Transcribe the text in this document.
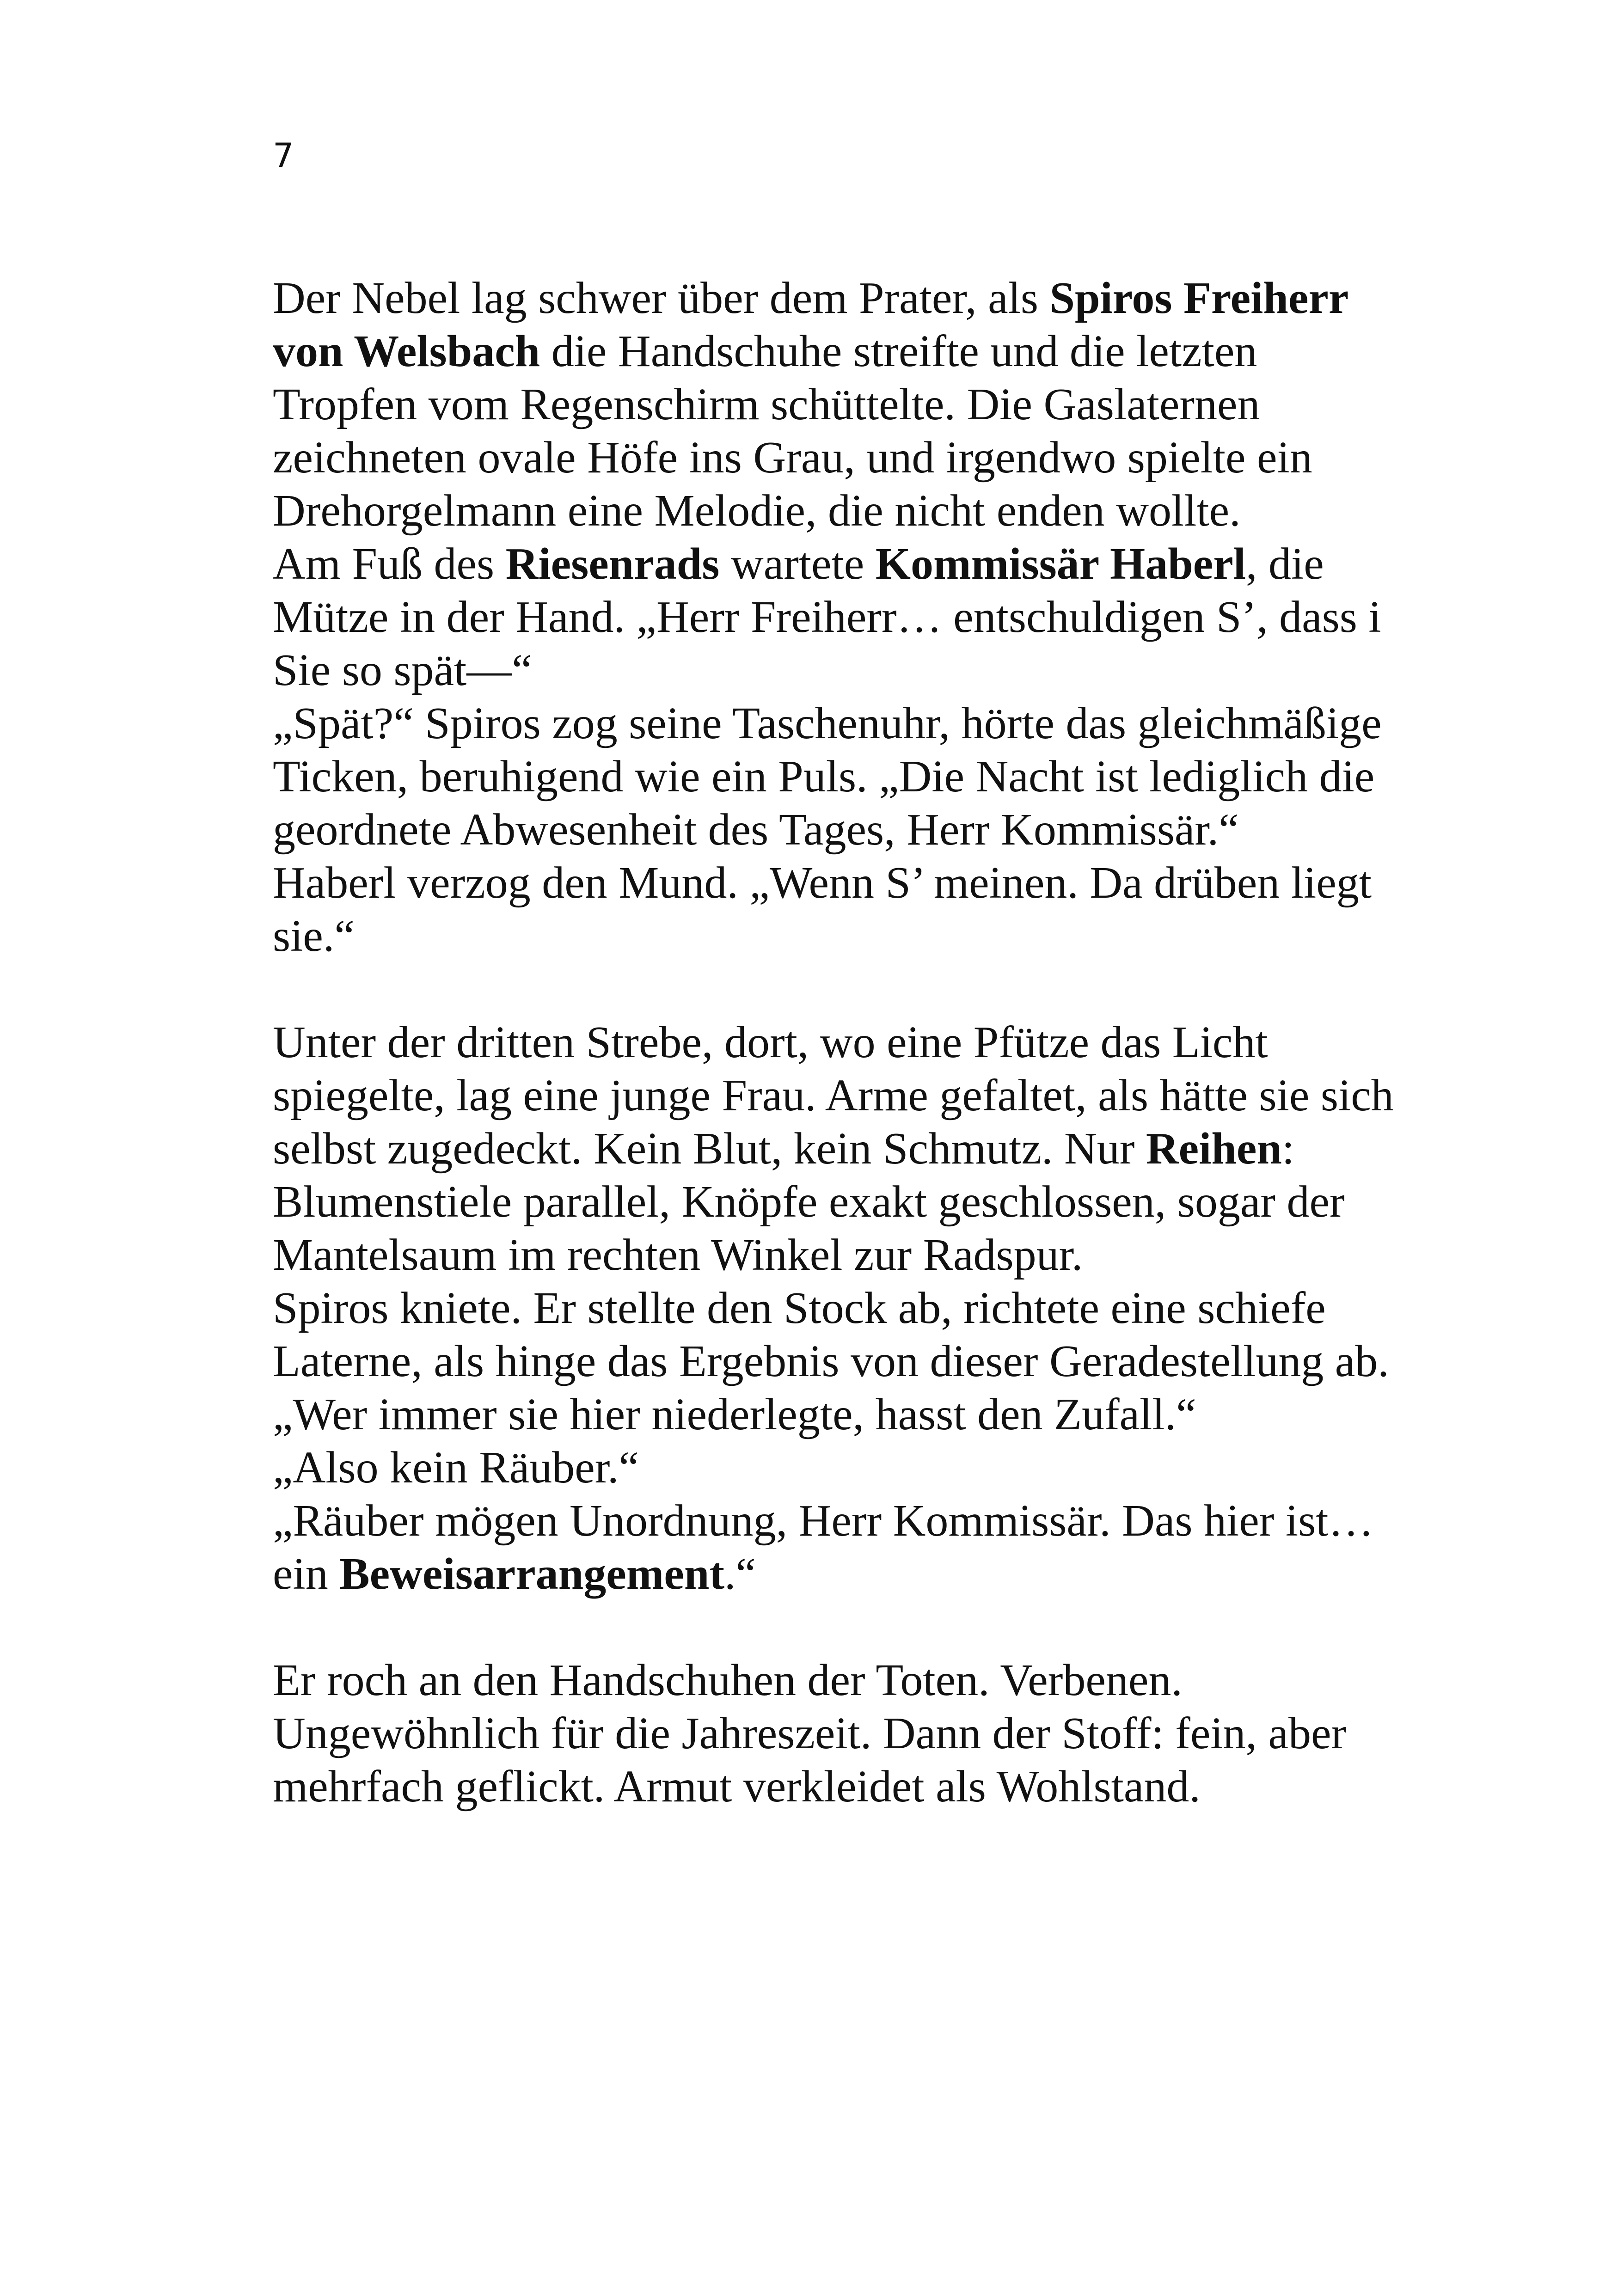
7

Der Nebel lag schwer über dem Prater, als Spiros Freiherr von Welsbach die Handschuhe streifte und die letzten Tropfen vom Regenschirm schüttelte. Die Gaslaternen zeichneten ovale Höfe ins Grau, und irgendwo spielte ein Drehorgelmann eine Melodie, die nicht enden wollte.

Am Fuß des Riesenrads wartete Kommissär Haberl, die Mütze in der Hand. „Herr Freiherr… entschuldigen S’, dass i Sie so spät—“

„Spät?“ Spiros zog seine Taschenuhr, hörte das gleichmäßige Ticken, beruhigend wie ein Puls. „Die Nacht ist lediglich die geordnete Abwesenheit des Tages, Herr Kommissär.“

Haberl verzog den Mund. „Wenn S’ meinen. Da drüben liegt sie.“

Unter der dritten Strebe, dort, wo eine Pfütze das Licht spiegelte, lag eine junge Frau. Arme gefaltet, als hätte sie sich selbst zugedeckt. Kein Blut, kein Schmutz. Nur Reihen: Blumenstiele parallel, Knöpfe exakt geschlossen, sogar der Mantelsaum im rechten Winkel zur Radspur.

Spiros kniete. Er stellte den Stock ab, richtete eine schiefe Laterne, als hinge das Ergebnis von dieser Geradestellung ab. „Wer immer sie hier niederlegte, hasst den Zufall.“

„Also kein Räuber.“

„Räuber mögen Unordnung, Herr Kommissär. Das hier ist… ein Beweisarrangement.“

Er roch an den Handschuhen der Toten. Verbenen. Ungewöhnlich für die Jahreszeit. Dann der Stoff: fein, aber mehrfach geflickt. Armut verkleidet als Wohlstand.
